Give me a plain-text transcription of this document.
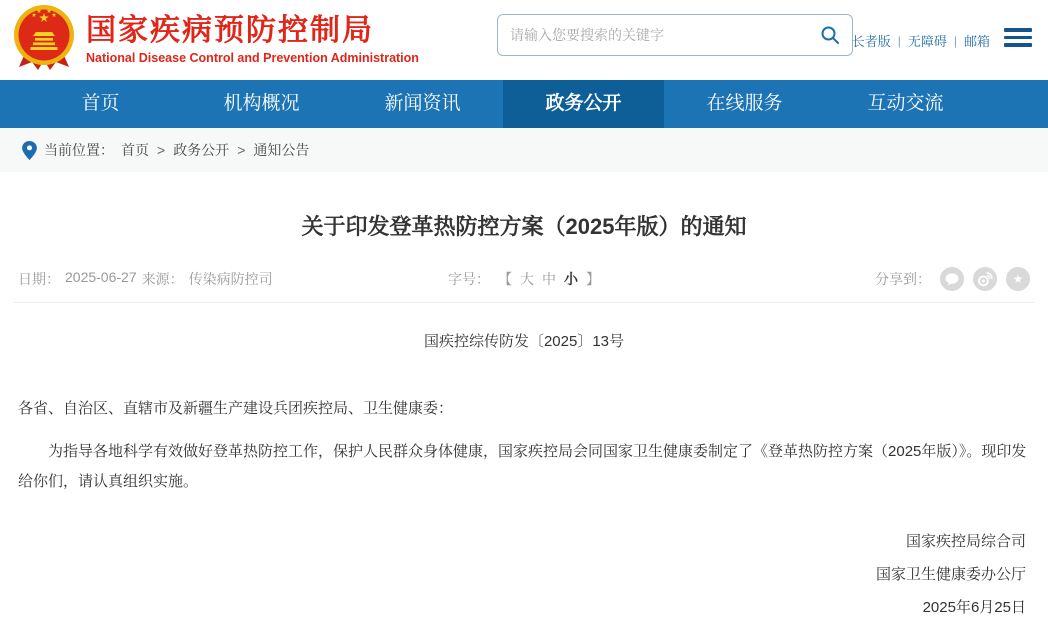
国家疾病预防控制局
National Disease Control and Prevention Administration
请输入您要搜索的关键字
长者版 | 无障碍 | 邮箱
首页	机构概况	新闻资讯	政务公开	在线服务	互动交流
当前位置： 首页 > 政务公开 > 通知公告
关于印发登革热防控方案（2025年版）的通知
日期： 2025-06-27 来源： 传染病防控司	字号： 【 大 中 小 】	分享到：	★
国疾控综传防发〔2025〕13号

各省、自治区、直辖市及新疆生产建设兵团疾控局、卫生健康委：

为指导各地科学有效做好登革热防控工作，保护人民群众身体健康，国家疾控局会同国家卫生健康委制定了《登革热防控方案（2025年版）》。现印发给你们，请认真组织实施。

国家疾控局综合司
国家卫生健康委办公厅
2025年6月25日
